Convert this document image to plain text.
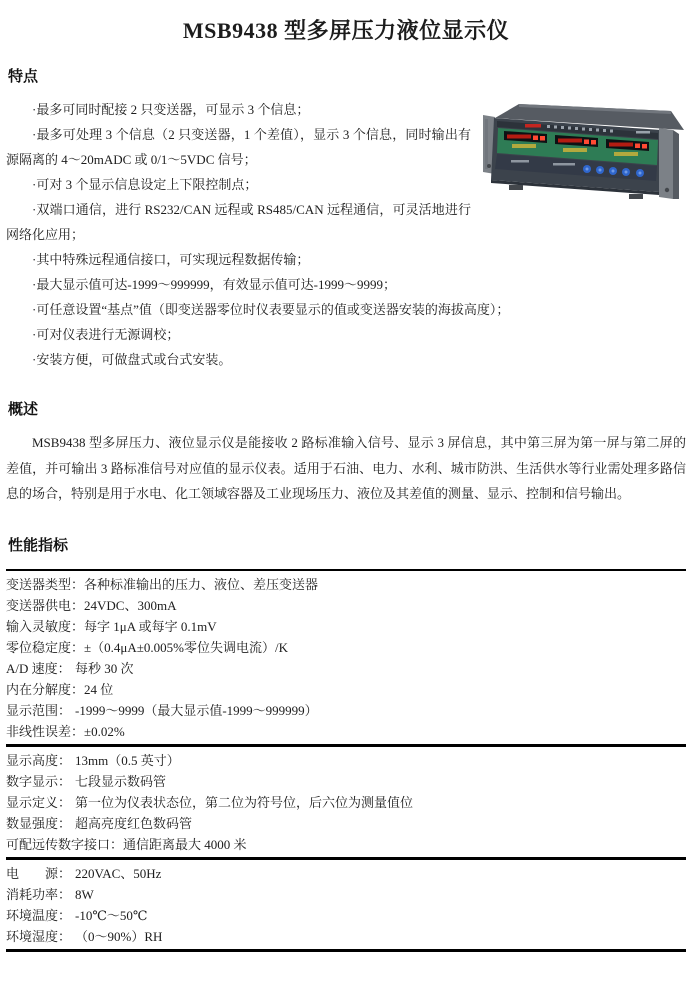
MSB9438 型多屏压力液位显示仪
特点

·最多可同时配接 2 只变送器，可显示 3 个信息；

·最多可处理 3 个信息（2 只变送器，1 个差值），显示 3 个信息，同时输出有源隔离的 4～20mADC 或 0/1～5VDC 信号；

·可对 3 个显示信息设定上下限控制点；

·双端口通信，进行 RS232/CAN 远程或 RS485/CAN 远程通信，可灵活地进行网络化应用；

·其中特殊远程通信接口，可实现远程数据传输；

·最大显示值可达-1999～999999，有效显示值可达-1999～9999；

·可任意设置“基点”值（即变送器零位时仪表要显示的值或变送器安装的海拔高度）；

·可对仪表进行无源调校；

·安装方便，可做盘式或台式安装。

概述

MSB9438 型多屏压力、液位显示仪是能接收 2 路标准输入信号、显示 3 屏信息，其中第三屏为第一屏与第二屏的差值，并可输出 3 路标准信号对应值的显示仪表。适用于石油、电力、水利、城市防洪、生活供水等行业需处理多路信息的场合，特别是用于水电、化工领域容器及工业现场压力、液位及其差值的测量、显示、控制和信号输出。

性能指标
变送器类型： 各种标准输出的压力、液位、差压变送器
变送器供电： 24VDC、300mA
输入灵敏度： 每字 1μA 或每字 0.1mV
零位稳定度： ±（0.4μA±0.005%零位失调电流）/K
A/D 速度： 每秒 30 次
内在分解度： 24 位
显示范围： -1999～9999（最大显示值-1999～999999）
非线性误差： ±0.02%
显示高度： 13mm（0.5 英寸）
数字显示： 七段显示数码管
显示定义： 第一位为仪表状态位，第二位为符号位，后六位为测量值位
数显强度： 超高亮度红色数码管
可配远传数字接口： 通信距离最大 4000 米
电　　源： 220VAC、50Hz
消耗功率： 8W
环境温度： -10℃～50℃
环境湿度： （0～90%）RH
